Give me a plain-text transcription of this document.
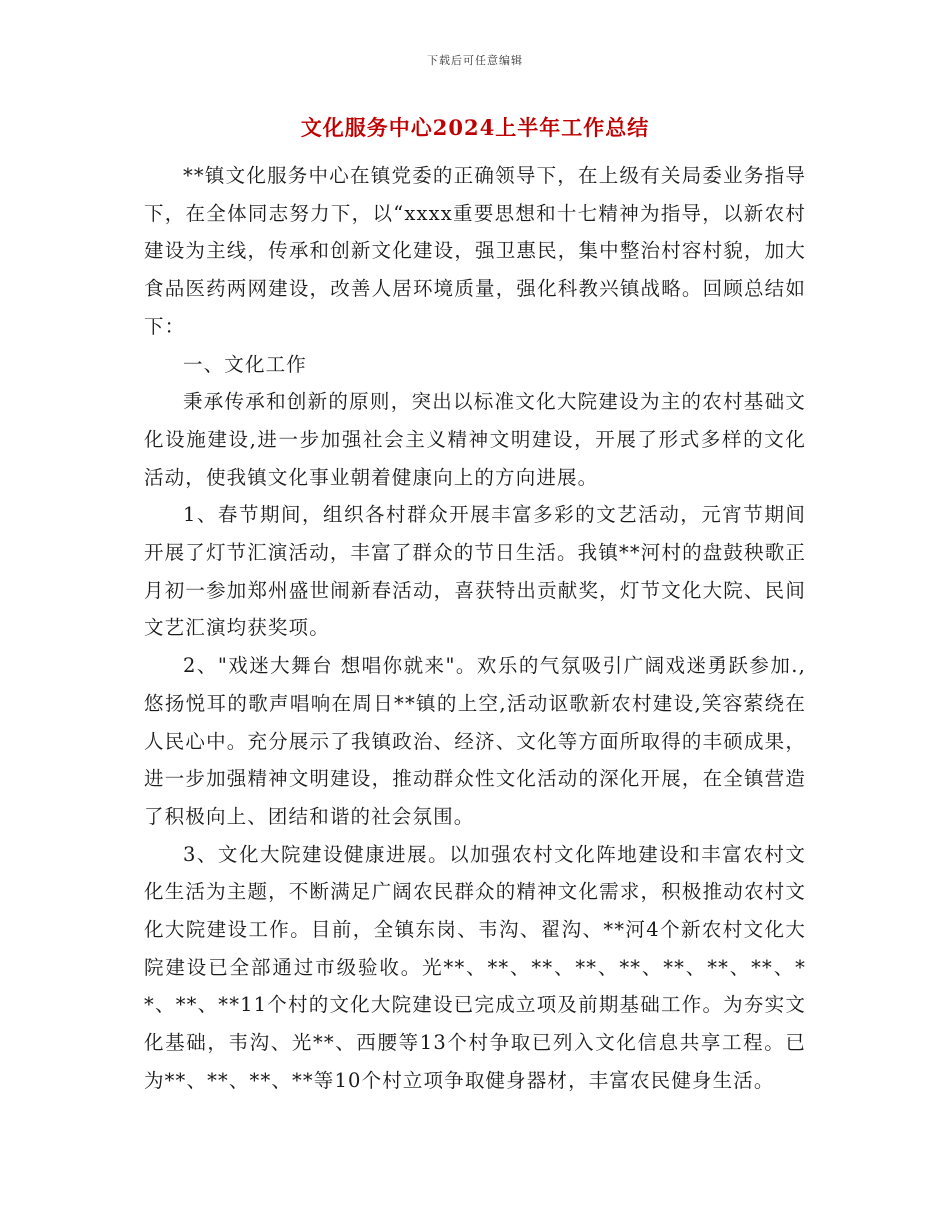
下载后可任意编辑
文化服务中心2024上半年工作总结

**镇文化服务中心在镇党委的正确领导下，在上级有关局委业务指导下，在全体同志努力下，以“xxxx重要思想和十七精神为指导，以新农村建设为主线，传承和创新文化建设，强卫惠民，集中整治村容村貌，加大食品医药两网建设，改善人居环境质量，强化科教兴镇战略。回顾总结如下：

一、文化工作

秉承传承和创新的原则，突出以标准文化大院建设为主的农村基础文化设施建设,进一步加强社会主义精神文明建设，开展了形式多样的文化活动，使我镇文化事业朝着健康向上的方向进展。

1、春节期间，组织各村群众开展丰富多彩的文艺活动，元宵节期间开展了灯节汇演活动，丰富了群众的节日生活。我镇**河村的盘鼓秧歌正月初一参加郑州盛世闹新春活动，喜获特出贡献奖，灯节文化大院、民间文艺汇演均获奖项。

2、"戏迷大舞台 想唱你就来"。欢乐的气氛吸引广阔戏迷勇跃参加.,悠扬悦耳的歌声唱响在周日**镇的上空,活动讴歌新农村建设,笑容萦绕在人民心中。充分展示了我镇政治、经济、文化等方面所取得的丰硕成果，进一步加强精神文明建设，推动群众性文化活动的深化开展，在全镇营造了积极向上、团结和谐的社会氛围。

3、文化大院建设健康进展。以加强农村文化阵地建设和丰富农村文化生活为主题，不断满足广阔农民群众的精神文化需求，积极推动农村文化大院建设工作。目前，全镇东岗、韦沟、翟沟、**河4个新农村文化大院建设已全部通过市级验收。光**、**、**、**、**、**、**、**、**、**、**11个村的文化大院建设已完成立项及前期基础工作。为夯实文化基础，韦沟、光**、西腰等13个村争取已列入文化信息共享工程。已为**、**、**、**等10个村立项争取健身器材，丰富农民健身生活。
